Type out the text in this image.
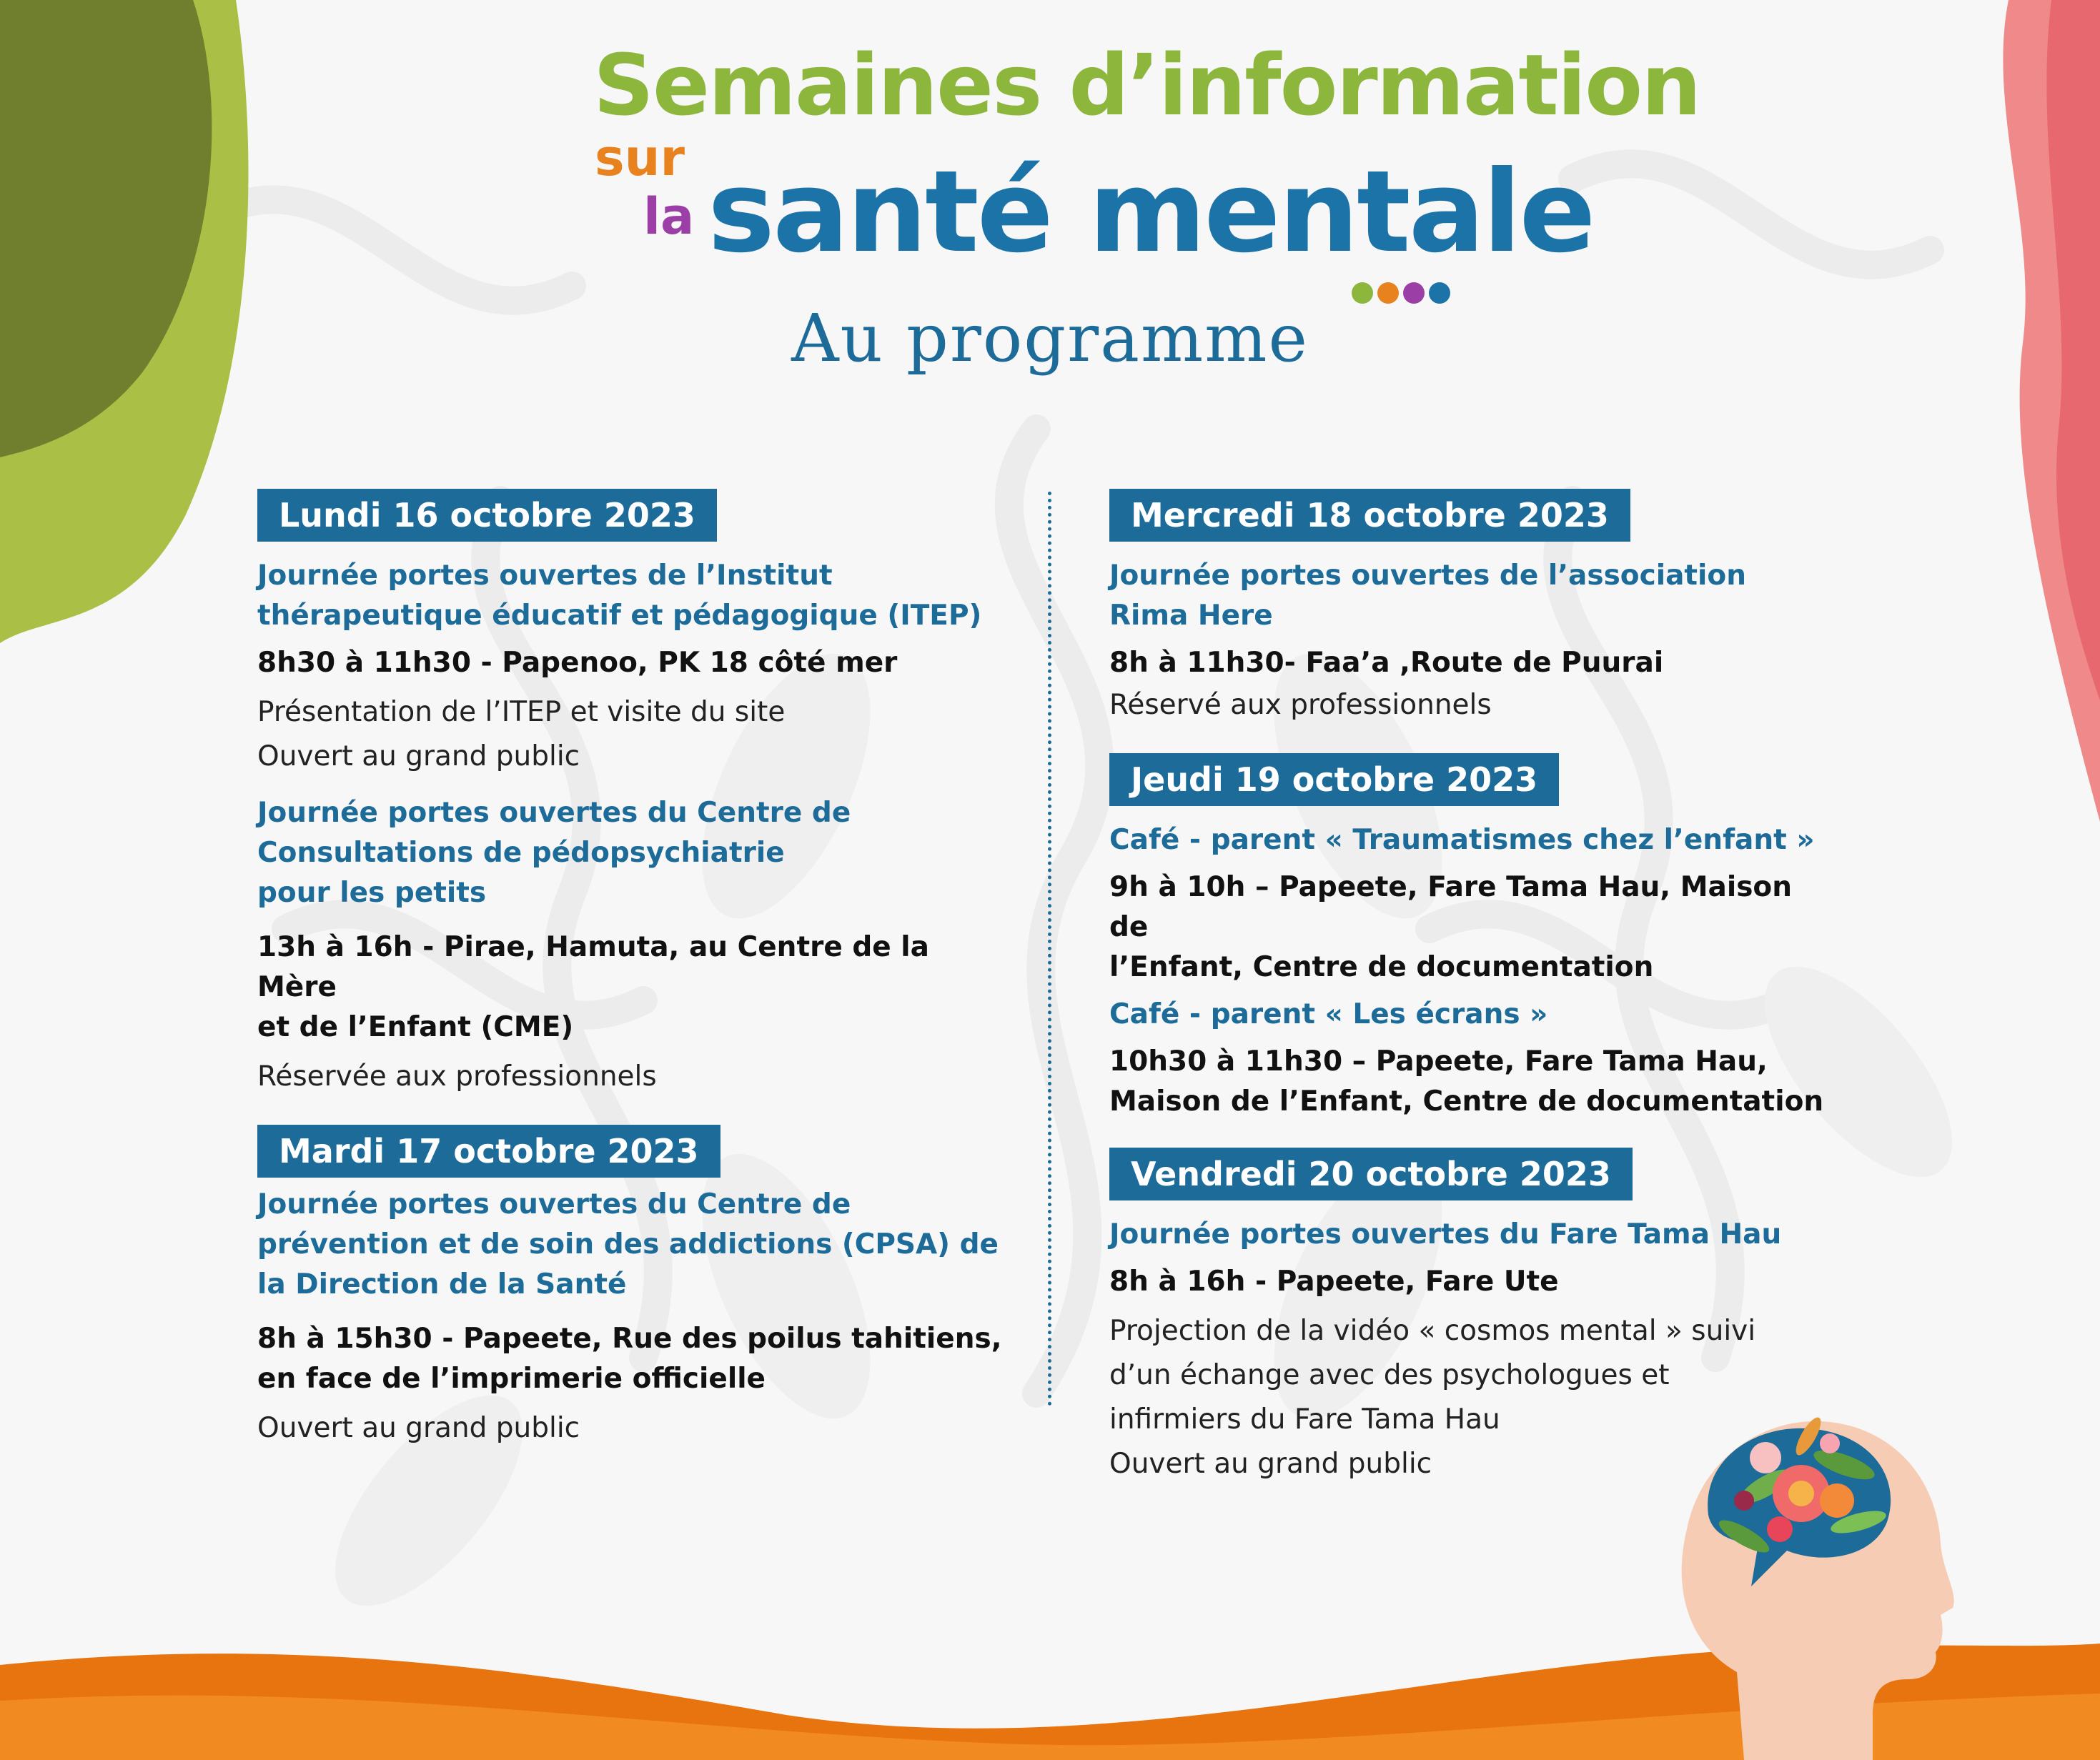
Semaines d’information
sur
la santé mentale
Au programme
Lundi 16 octobre 2023
Journée portes ouvertes de l’Institut thérapeutique éducatif et pédagogique (ITEP)
8h30 à 11h30 - Papenoo, PK 18 côté mer
Présentation de l’ITEP et visite du site
Ouvert au grand public
Journée portes ouvertes du Centre de
Consultations de pédopsychiatrie
pour les petits
13h à 16h - Pirae, Hamuta, au Centre de la Mère
et de l’Enfant (CME)
Réservée aux professionnels
Mardi 17 octobre 2023
Journée portes ouvertes du Centre de prévention et de soin des addictions (CPSA) de la Direction de la Santé
8h à 15h30 - Papeete, Rue des poilus tahitiens,
en face de l’imprimerie officielle
Ouvert au grand public
Mercredi 18 octobre 2023
Journée portes ouvertes de l’association Rima Here
8h à 11h30- Faa’a ,Route de Puurai
Réservé aux professionnels
Jeudi 19 octobre 2023
Café - parent « Traumatismes chez l’enfant »
9h à 10h – Papeete, Fare Tama Hau, Maison de
l’Enfant, Centre de documentation
Café - parent « Les écrans »
10h30 à 11h30 – Papeete, Fare Tama Hau,
Maison de l’Enfant, Centre de documentation
Vendredi 20 octobre 2023
Journée portes ouvertes du Fare Tama Hau
8h à 16h - Papeete, Fare Ute
Projection de la vidéo « cosmos mental » suivi
d’un échange avec des psychologues et
infirmiers du Fare Tama Hau
Ouvert au grand public
